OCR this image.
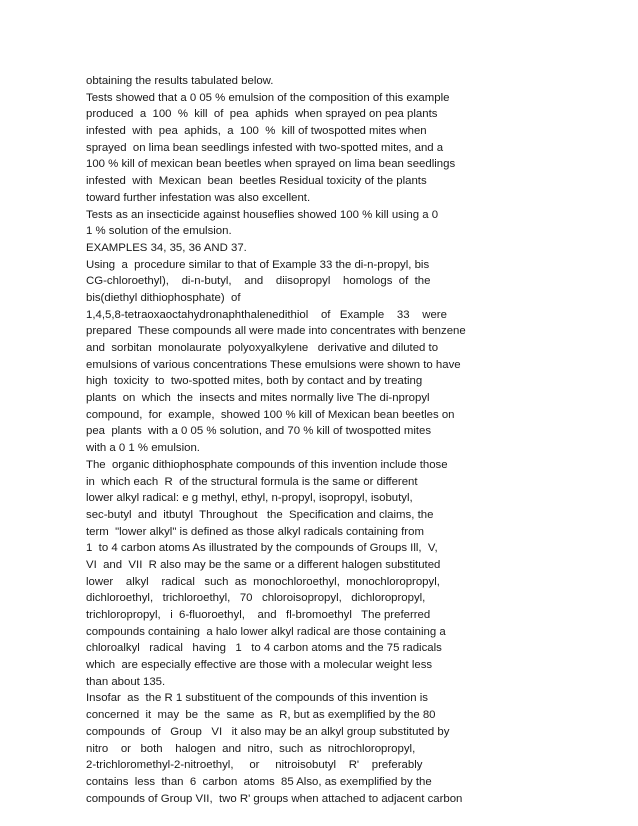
obtaining the results tabulated below.
Tests showed that a 0 05 % emulsion of the composition of this example
produced  a  100  %  kill  of  pea  aphids  when sprayed on pea plants
infested  with  pea  aphids,  a  100  %  kill of twospotted mites when
sprayed  on lima bean seedlings infested with two-spotted mites, and a
100 % kill of mexican bean beetles when sprayed on lima bean seedlings
infested  with  Mexican  bean  beetles Residual toxicity of the plants
toward further infestation was also excellent.
Tests as an insecticide against houseflies showed 100 % kill using a 0
1 % solution of the emulsion.
EXAMPLES 34, 35, 36 AND 37.
Using  a  procedure similar to that of Example 33 the di-n-propyl, bis
CG-chloroethyl),    di-n-butyl,    and    diisopropyl    homologs  of  the
bis(diethyl dithiophosphate)  of
1,4,5,8-tetraoxaoctahydronaphthalenedithiol    of   Example    33    were
prepared  These compounds all were made into concentrates with benzene
and  sorbitan  monolaurate  polyoxyalkylene   derivative and diluted to
emulsions of various concentrations These emulsions were shown to have
high  toxicity  to  two-spotted mites, both by contact and by treating
plants  on  which  the  insects and mites normally live The di-npropyl
compound,  for  example,  showed 100 % kill of Mexican bean beetles on
pea  plants  with a 0 05 % solution, and 70 % kill of twospotted mites
with a 0 1 % emulsion.
The  organic dithiophosphate compounds of this invention include those
in  which each  R  of the structural formula is the same or different
lower alkyl radical: e g methyl, ethyl, n-propyl, isopropyl, isobutyl,
sec-butyl  and  itbutyl  Throughout   the  Specification and claims, the
term  "lower alkyl" is defined as those alkyl radicals containing from
1  to 4 carbon atoms As illustrated by the compounds of Groups Ill,  V,
VI  and  VII  R also may be the same or a different halogen substituted
lower    alkyl    radical   such  as  monochloroethyl,  monochloropropyl,
dichloroethyl,   trichloroethyl,   70   chloroisopropyl,   dichloropropyl,
trichloropropyl,   i  6-fluoroethyl,    and   fl-bromoethyl   The preferred
compounds containing  a halo lower alkyl radical are those containing a
chloroalkyl   radical   having   1   to 4 carbon atoms and the 75 radicals
which  are especially effective are those with a molecular weight less
than about 135.
Insofar  as  the R 1 substituent of the compounds of this invention is
concerned  it  may  be  the  same  as  R, but as exemplified by the 80
compounds  of   Group   VI   it also may be an alkyl group substituted by
nitro    or   both    halogen  and  nitro,  such  as  nitrochloropropyl,
2-trichloromethyl-2-nitroethyl,     or     nitroisobutyl    R'    preferably
contains  less  than  6  carbon  atoms  85 Also, as exemplified by the
compounds of Group VII,  two R' groups when attached to adjacent carbon
